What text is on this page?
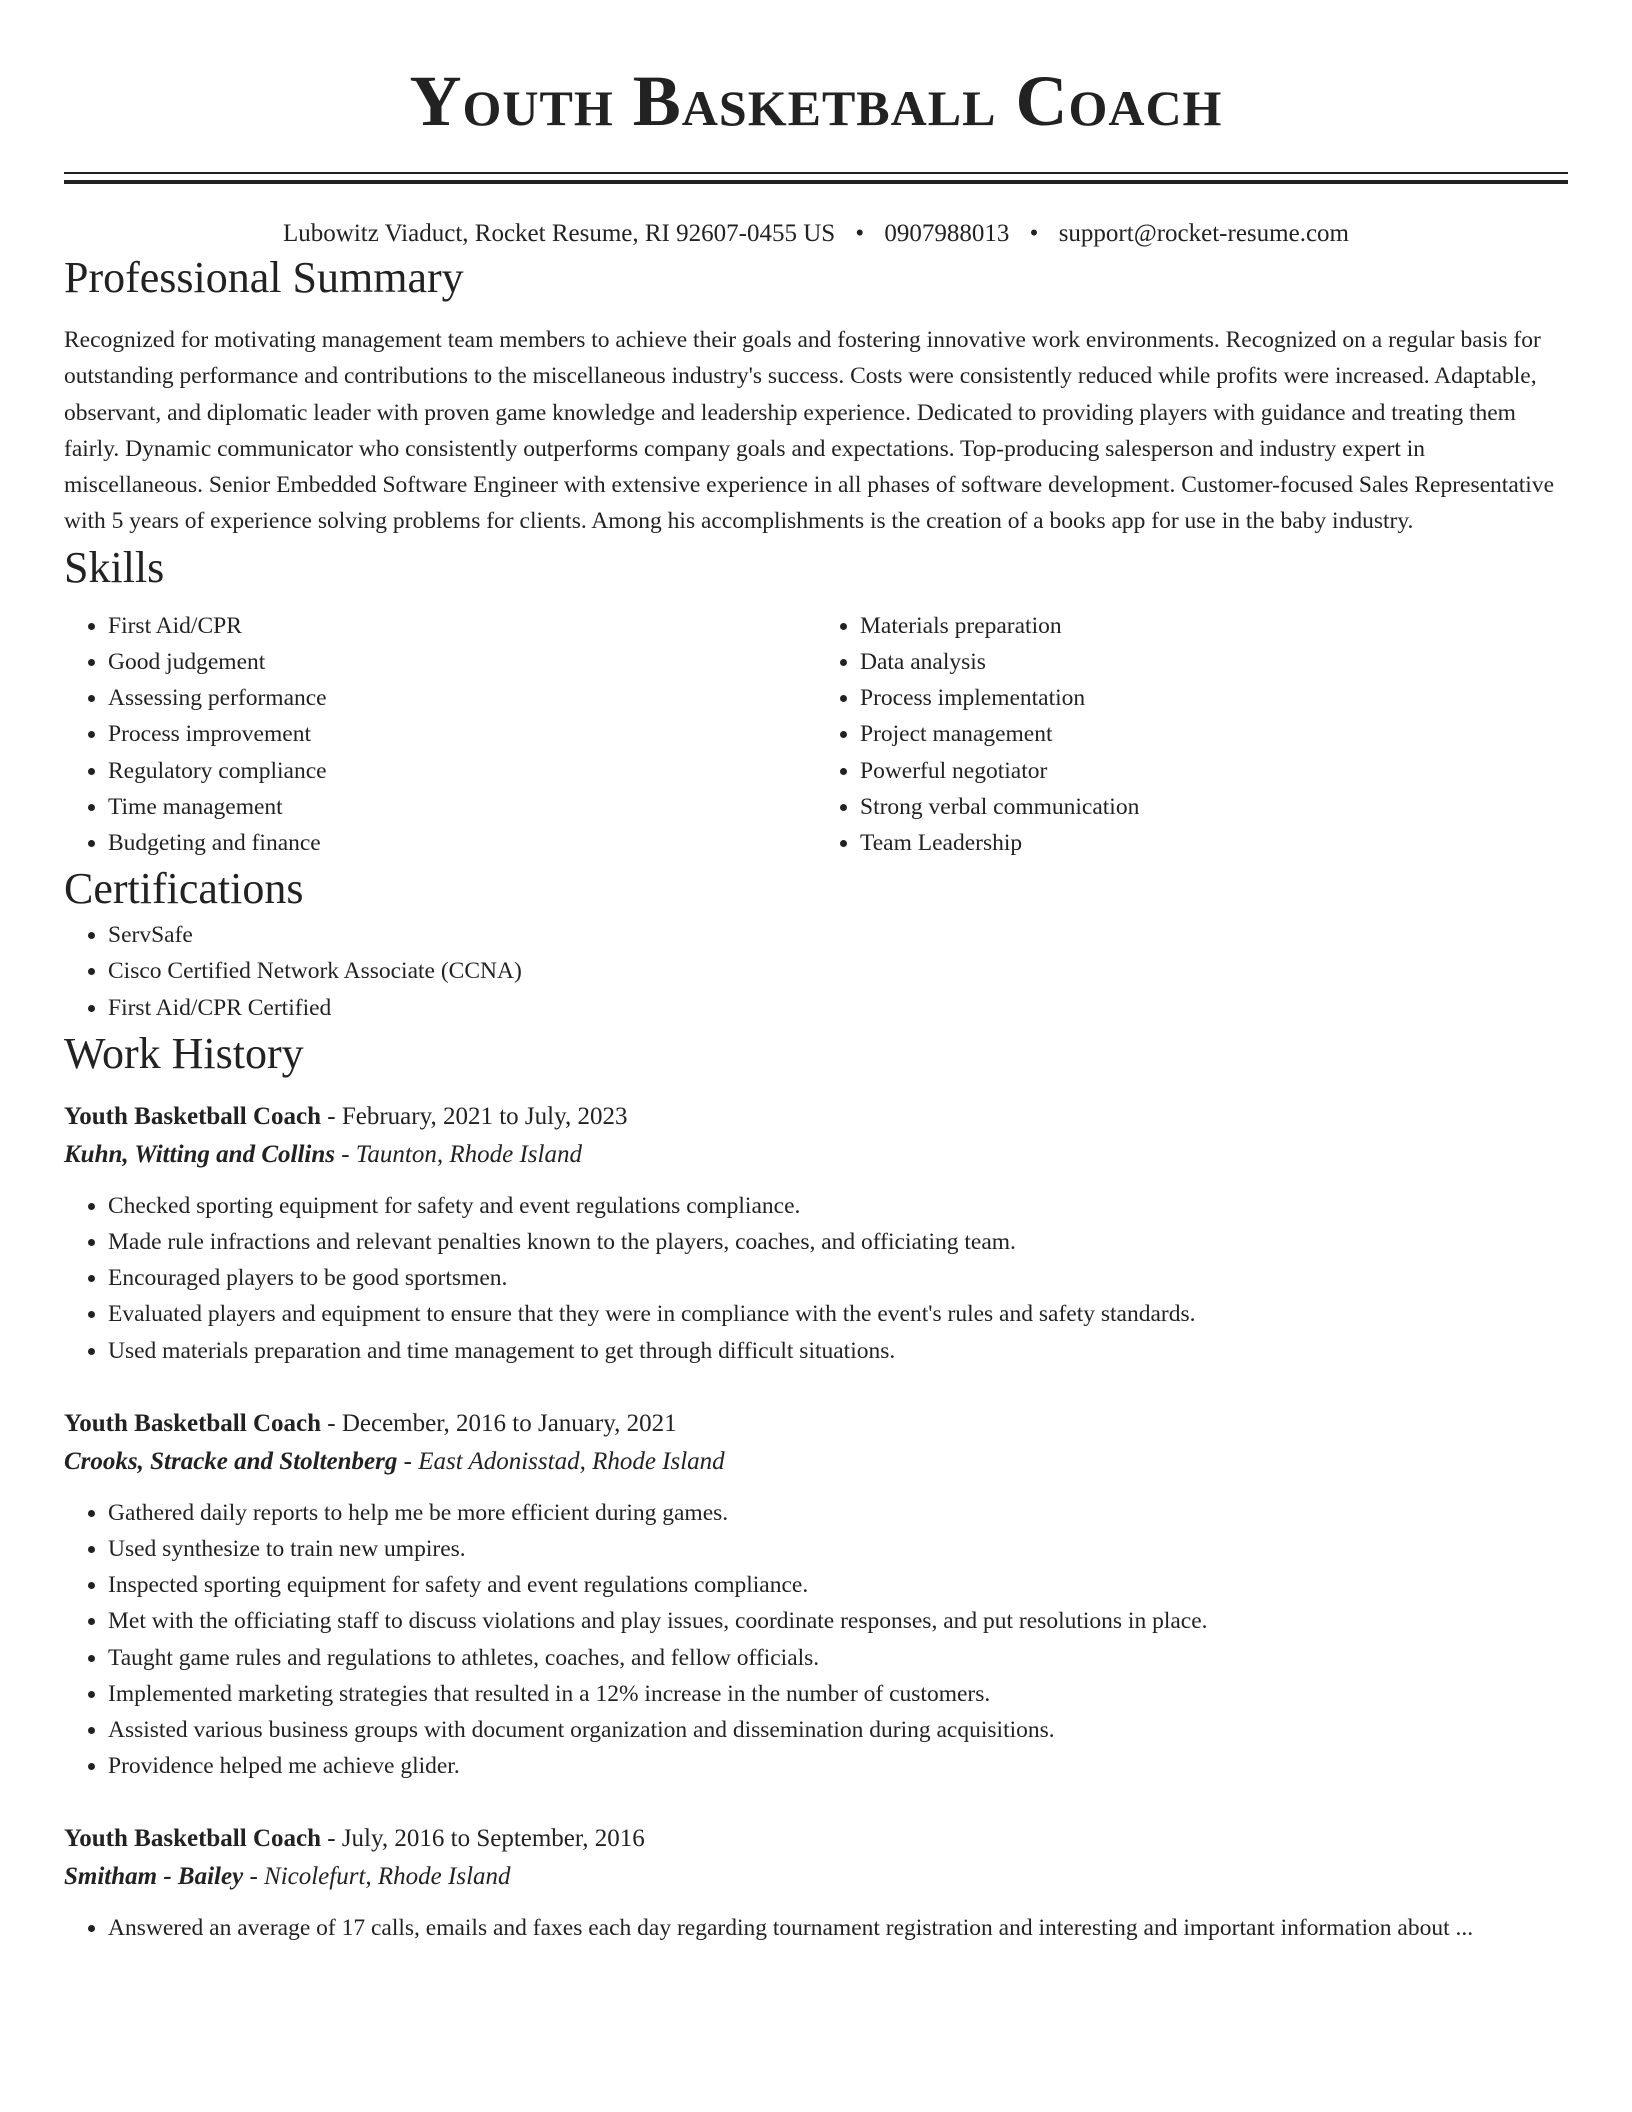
Youth Basketball Coach
Lubowitz Viaduct, Rocket Resume, RI 92607-0455 US • 0907988013 • support@rocket-resume.com
Professional Summary

Recognized for motivating management team members to achieve their goals and fostering innovative work environments. Recognized on a regular basis for outstanding performance and contributions to the miscellaneous industry's success. Costs were consistently reduced while profits were increased. Adaptable, observant, and diplomatic leader with proven game knowledge and leadership experience. Dedicated to providing players with guidance and treating them fairly. Dynamic communicator who consistently outperforms company goals and expectations. Top-producing salesperson and industry expert in miscellaneous. Senior Embedded Software Engineer with extensive experience in all phases of software development. Customer-focused Sales Representative with 5 years of experience solving problems for clients. Among his accomplishments is the creation of a books app for use in the baby industry.

Skills
• First Aid/CPR
• Good judgement
• Assessing performance
• Process improvement
• Regulatory compliance
• Time management
• Budgeting and finance
• Materials preparation
• Data analysis
• Process implementation
• Project management
• Powerful negotiator
• Strong verbal communication
• Team Leadership
Certifications
• ServSafe
• Cisco Certified Network Associate (CCNA)
• First Aid/CPR Certified
Work History
Youth Basketball Coach - February, 2021 to July, 2023
Kuhn, Witting and Collins - Taunton, Rhode Island
• Checked sporting equipment for safety and event regulations compliance.
• Made rule infractions and relevant penalties known to the players, coaches, and officiating team.
• Encouraged players to be good sportsmen.
• Evaluated players and equipment to ensure that they were in compliance with the event's rules and safety standards.
• Used materials preparation and time management to get through difficult situations.
Youth Basketball Coach - December, 2016 to January, 2021
Crooks, Stracke and Stoltenberg - East Adonisstad, Rhode Island
• Gathered daily reports to help me be more efficient during games.
• Used synthesize to train new umpires.
• Inspected sporting equipment for safety and event regulations compliance.
• Met with the officiating staff to discuss violations and play issues, coordinate responses, and put resolutions in place.
• Taught game rules and regulations to athletes, coaches, and fellow officials.
• Implemented marketing strategies that resulted in a 12% increase in the number of customers.
• Assisted various business groups with document organization and dissemination during acquisitions.
• Providence helped me achieve glider.
Youth Basketball Coach - July, 2016 to September, 2016
Smitham - Bailey - Nicolefurt, Rhode Island
• Answered an average of 17 calls, emails and faxes each day regarding tournament registration and interesting and important information about ...
